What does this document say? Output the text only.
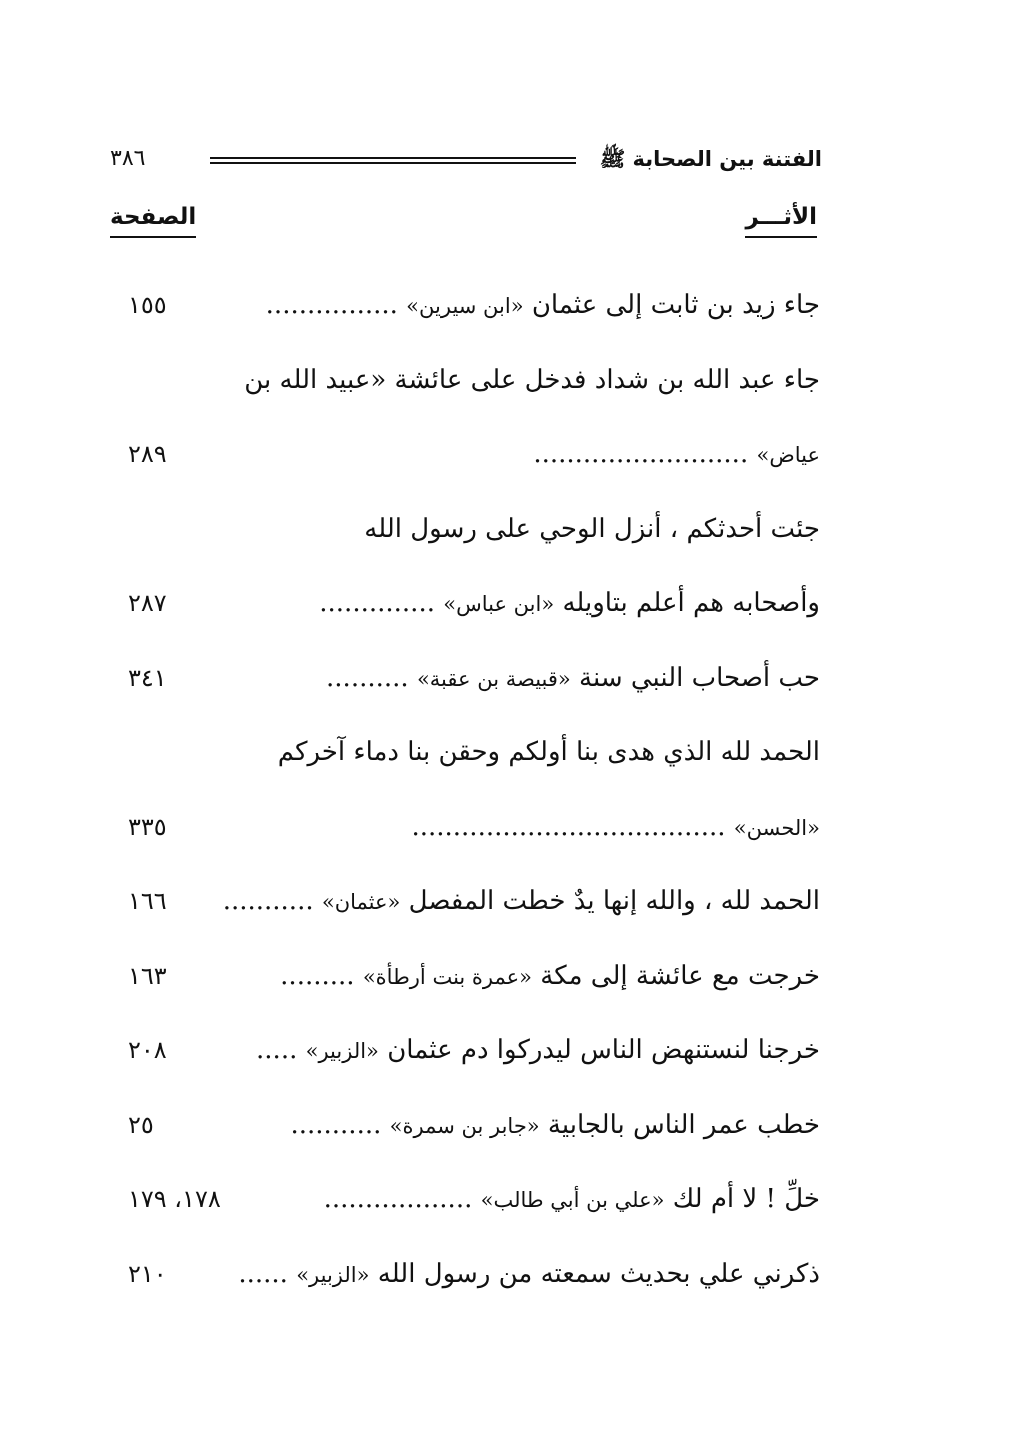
الفتنة بين الصحابة ﷺ
٣٨٦
الأثـــر
الصفحة
جاء زيد بن ثابت إلى عثمان «ابن سيرين» ................
١٥٥
جاء عبد الله بن شداد فدخل على عائشة «عبيد الله بن
عياض» ..........................
٢٨٩
جئت أحدثكم ، أنزل الوحي على رسول الله
وأصحابه هم أعلم بتاويله «ابن عباس» ..............
٢٨٧
حب أصحاب النبي سنة «قبيصة بن عقبة» ..........
٣٤١
الحمد لله الذي هدى بنا أولكم وحقن بنا دماء آخركم
«الحسن» ......................................
٣٣٥
الحمد لله ، والله إنها يدٌ خطت المفصل «عثمان» ...........
١٦٦
خرجت مع عائشة إلى مكة «عمرة بنت أرطأة» .........
١٦٣
خرجنا لنستنهض الناس ليدركوا دم عثمان «الزبير» .....
٢٠٨
خطب عمر الناس بالجابية «جابر بن سمرة» ...........
٢٥
خلِّ ! لا أم لك «علي بن أبي طالب» ..................
١٧٨، ١٧٩
ذكرني علي بحديث سمعته من رسول الله «الزبير» ......
٢١٠
